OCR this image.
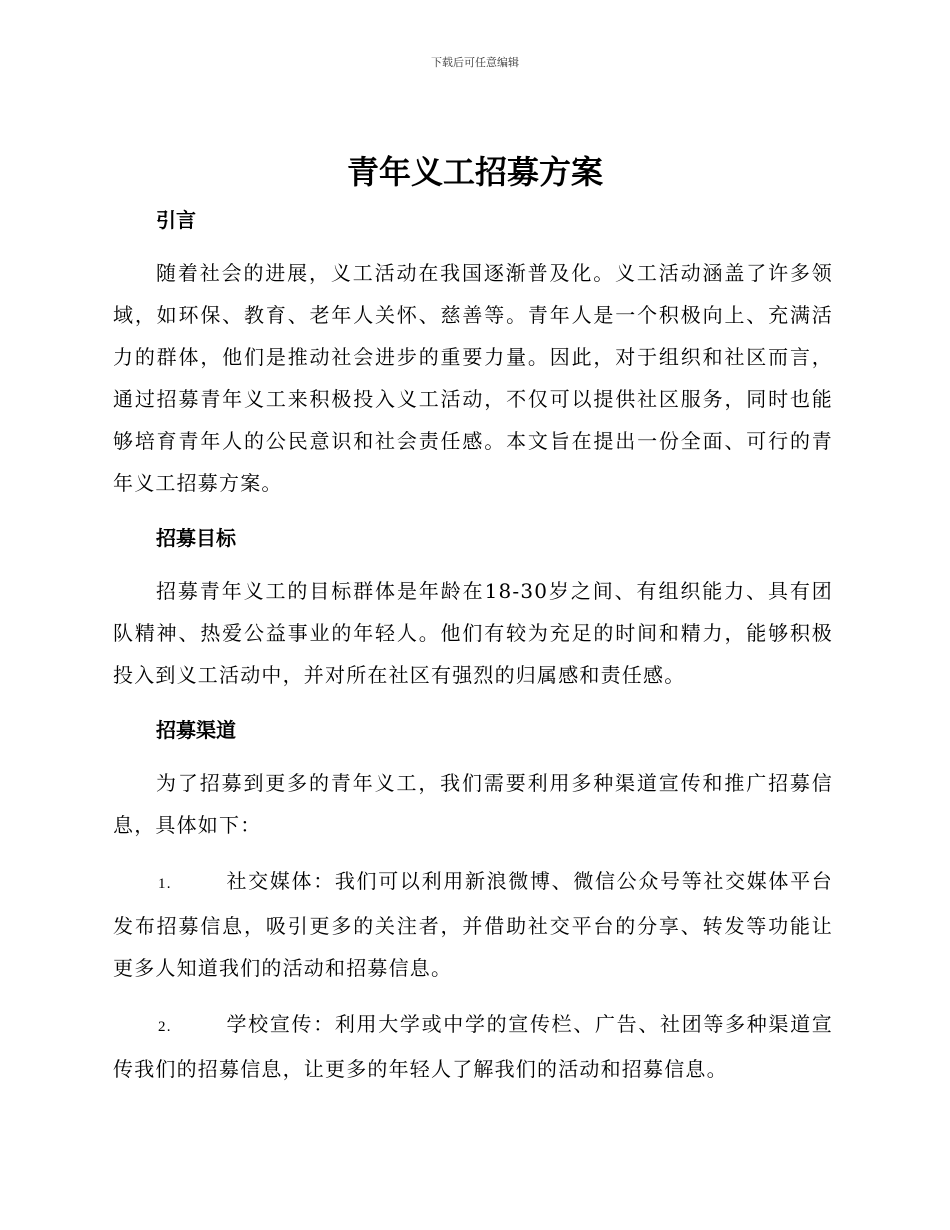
下载后可任意编辑
青年义工招募方案
引言

随着社会的进展，义工活动在我国逐渐普及化。义工活动涵盖了许多领域，如环保、教育、老年人关怀、慈善等。青年人是一个积极向上、充满活力的群体，他们是推动社会进步的重要力量。因此，对于组织和社区而言，通过招募青年义工来积极投入义工活动，不仅可以提供社区服务，同时也能够培育青年人的公民意识和社会责任感。本文旨在提出一份全面、可行的青年义工招募方案。

招募目标

招募青年义工的目标群体是年龄在18-30岁之间、有组织能力、具有团队精神、热爱公益事业的年轻人。他们有较为充足的时间和精力，能够积极投入到义工活动中，并对所在社区有强烈的归属感和责任感。

招募渠道

为了招募到更多的青年义工，我们需要利用多种渠道宣传和推广招募信息，具体如下：

1.	社交媒体：我们可以利用新浪微博、微信公众号等社交媒体平台发布招募信息，吸引更多的关注者，并借助社交平台的分享、转发等功能让更多人知道我们的活动和招募信息。

2.	学校宣传：利用大学或中学的宣传栏、广告、社团等多种渠道宣传我们的招募信息，让更多的年轻人了解我们的活动和招募信息。
